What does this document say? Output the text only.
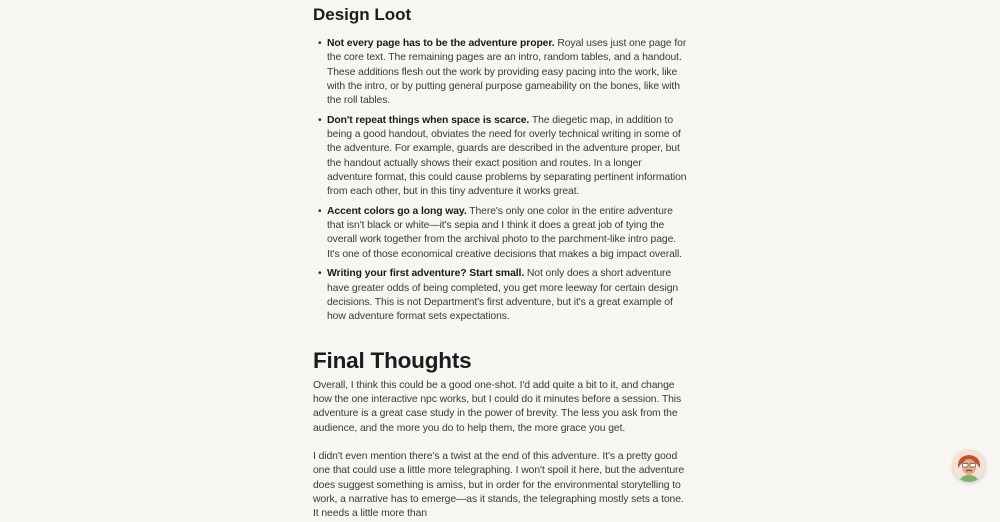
Design Loot
• Not every page has to be the adventure proper. Royal uses just one page for the core text. The remaining pages are an intro, random tables, and a handout. These additions flesh out the work by providing easy pacing into the work, like with the intro, or by putting general purpose gameability on the bones, like with the roll tables.
• Don't repeat things when space is scarce. The diegetic map, in addition to being a good handout, obviates the need for overly technical writing in some of the adventure. For example, guards are described in the adventure proper, but the handout actually shows their exact position and routes. In a longer adventure format, this could cause problems by separating pertinent information from each other, but in this tiny adventure it works great.
• Accent colors go a long way. There's only one color in the entire adventure that isn't black or white—it's sepia and I think it does a great job of tying the overall work together from the archival photo to the parchment-like intro page. It's one of those economical creative decisions that makes a big impact overall.
• Writing your first adventure? Start small. Not only does a short adventure have greater odds of being completed, you get more leeway for certain design decisions. This is not Department's first adventure, but it's a great example of how adventure format sets expectations.
Final Thoughts

Overall, I think this could be a good one-shot. I'd add quite a bit to it, and change how the one interactive npc works, but I could do it minutes before a session. This adventure is a great case study in the power of brevity. The less you ask from the audience, and the more you do to help them, the more grace you get.

I didn't even mention there's a twist at the end of this adventure. It's a pretty good one that could use a little more telegraphing. I won't spoil it here, but the adventure does suggest something is amiss, but in order for the environmental storytelling to work, a narrative has to emerge—as it stands, the telegraphing mostly sets a tone. It needs a little more than
